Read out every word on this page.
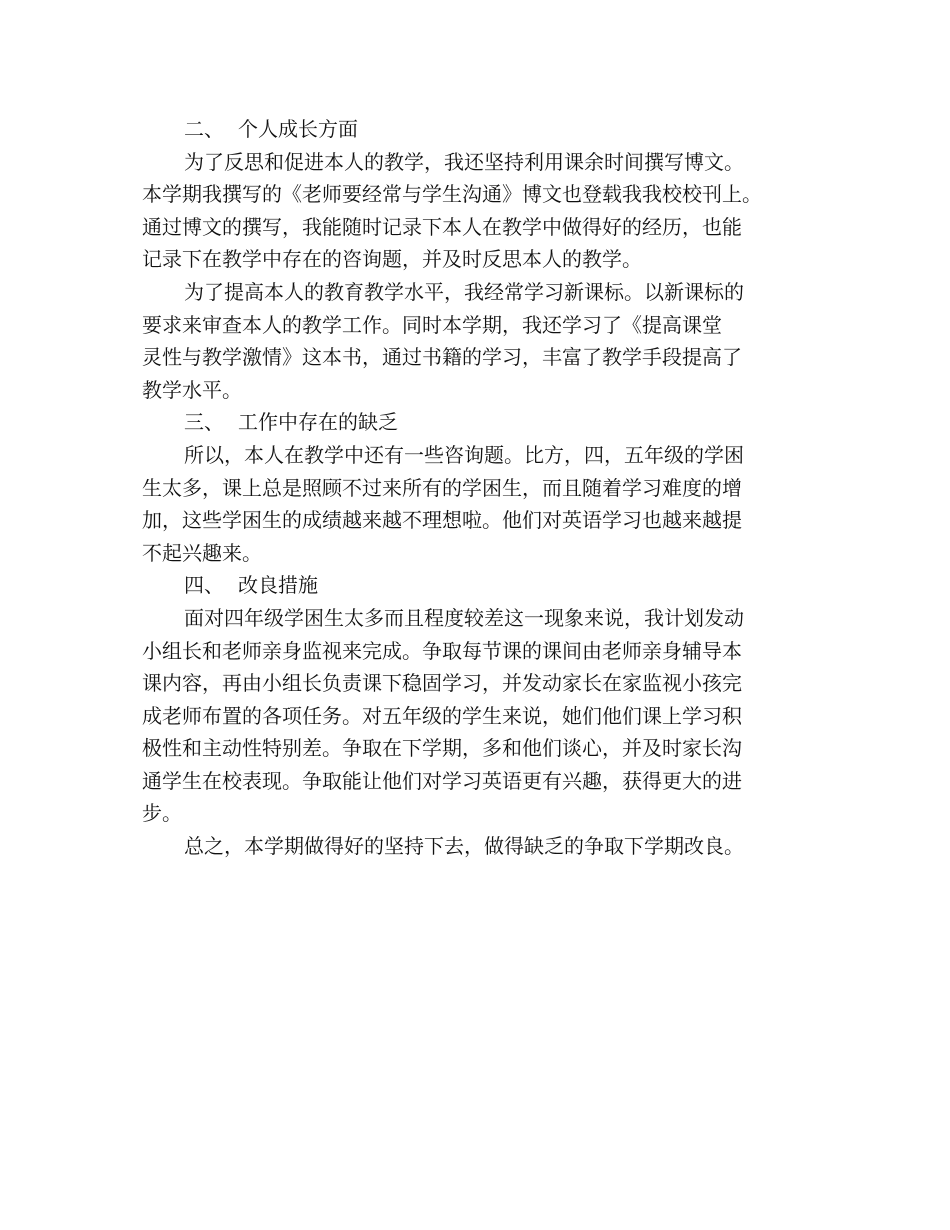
二、 个人成长方面
为了反思和促进本人的教学，我还坚持利用课余时间撰写博文。
本学期我撰写的《老师要经常与学生沟通》博文也登载我我校校刊上。
通过博文的撰写，我能随时记录下本人在教学中做得好的经历，也能
记录下在教学中存在的咨询题，并及时反思本人的教学。
为了提高本人的教育教学水平，我经常学习新课标。以新课标的
要求来审查本人的教学工作。同时本学期，我还学习了《提高课堂
灵性与教学激情》这本书，通过书籍的学习，丰富了教学手段提高了
教学水平。
三、 工作中存在的缺乏
所以，本人在教学中还有一些咨询题。比方，四，五年级的学困
生太多，课上总是照顾不过来所有的学困生，而且随着学习难度的增
加，这些学困生的成绩越来越不理想啦。他们对英语学习也越来越提
不起兴趣来。
四、 改良措施
面对四年级学困生太多而且程度较差这一现象来说，我计划发动
小组长和老师亲身监视来完成。争取每节课的课间由老师亲身辅导本
课内容，再由小组长负责课下稳固学习，并发动家长在家监视小孩完
成老师布置的各项任务。对五年级的学生来说，她们他们课上学习积
极性和主动性特别差。争取在下学期，多和他们谈心，并及时家长沟
通学生在校表现。争取能让他们对学习英语更有兴趣，获得更大的进
步。
总之，本学期做得好的坚持下去，做得缺乏的争取下学期改良。
